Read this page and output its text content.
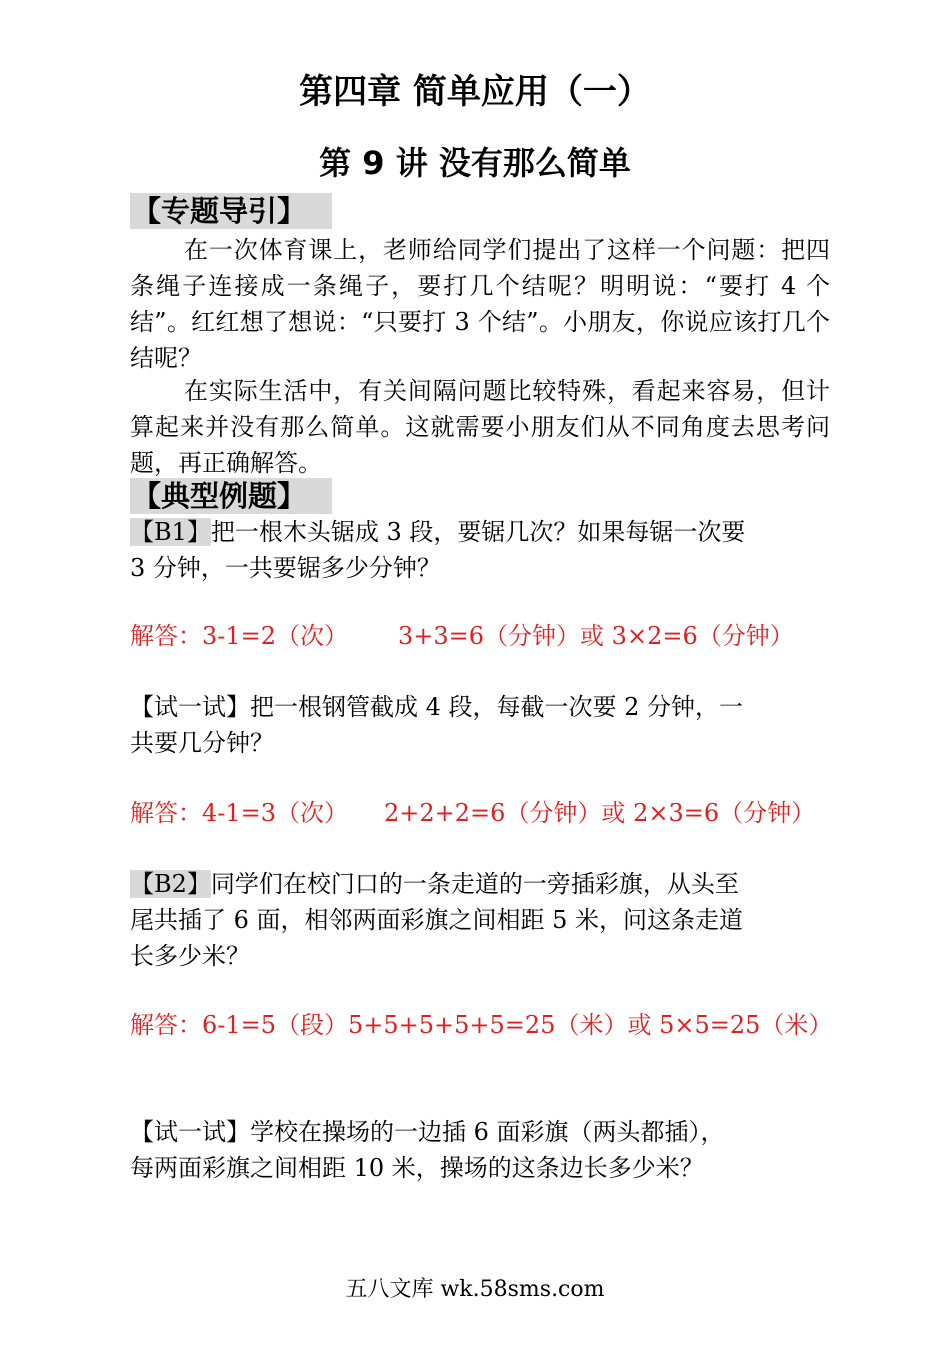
第四章 简单应用（一）
第 9 讲 没有那么简单
【专题导引】

在一次体育课上，老师给同学们提出了这样一个问题：把四条绳子连接成一条绳子，要打几个结呢？明明说：“要打 4 个结”。红红想了想说：“只要打 3 个结”。小朋友，你说应该打几个结呢？

在实际生活中，有关间隔问题比较特殊，看起来容易，但计算起来并没有那么简单。这就需要小朋友们从不同角度去思考问题，再正确解答。

【典型例题】

【B1】把一根木头锯成 3 段，要锯几次？如果每锯一次要

3 分钟，一共要锯多少分钟？

解答：3-1=2（次） 3+3=6（分钟）或 3×2=6（分钟）

【试一试】把一根钢管截成 4 段，每截一次要 2 分钟，一

共要几分钟？

解答：4-1=3（次） 2+2+2=6（分钟）或 2×3=6（分钟）

【B2】同学们在校门口的一条走道的一旁插彩旗，从头至

尾共插了 6 面，相邻两面彩旗之间相距 5 米，问这条走道

长多少米？

解答：6-1=5（段）5+5+5+5+5=25（米）或 5×5=25（米）

【试一试】学校在操场的一边插 6 面彩旗（两头都插），

每两面彩旗之间相距 10 米，操场的这条边长多少米？

五八文库 wk.58sms.com
